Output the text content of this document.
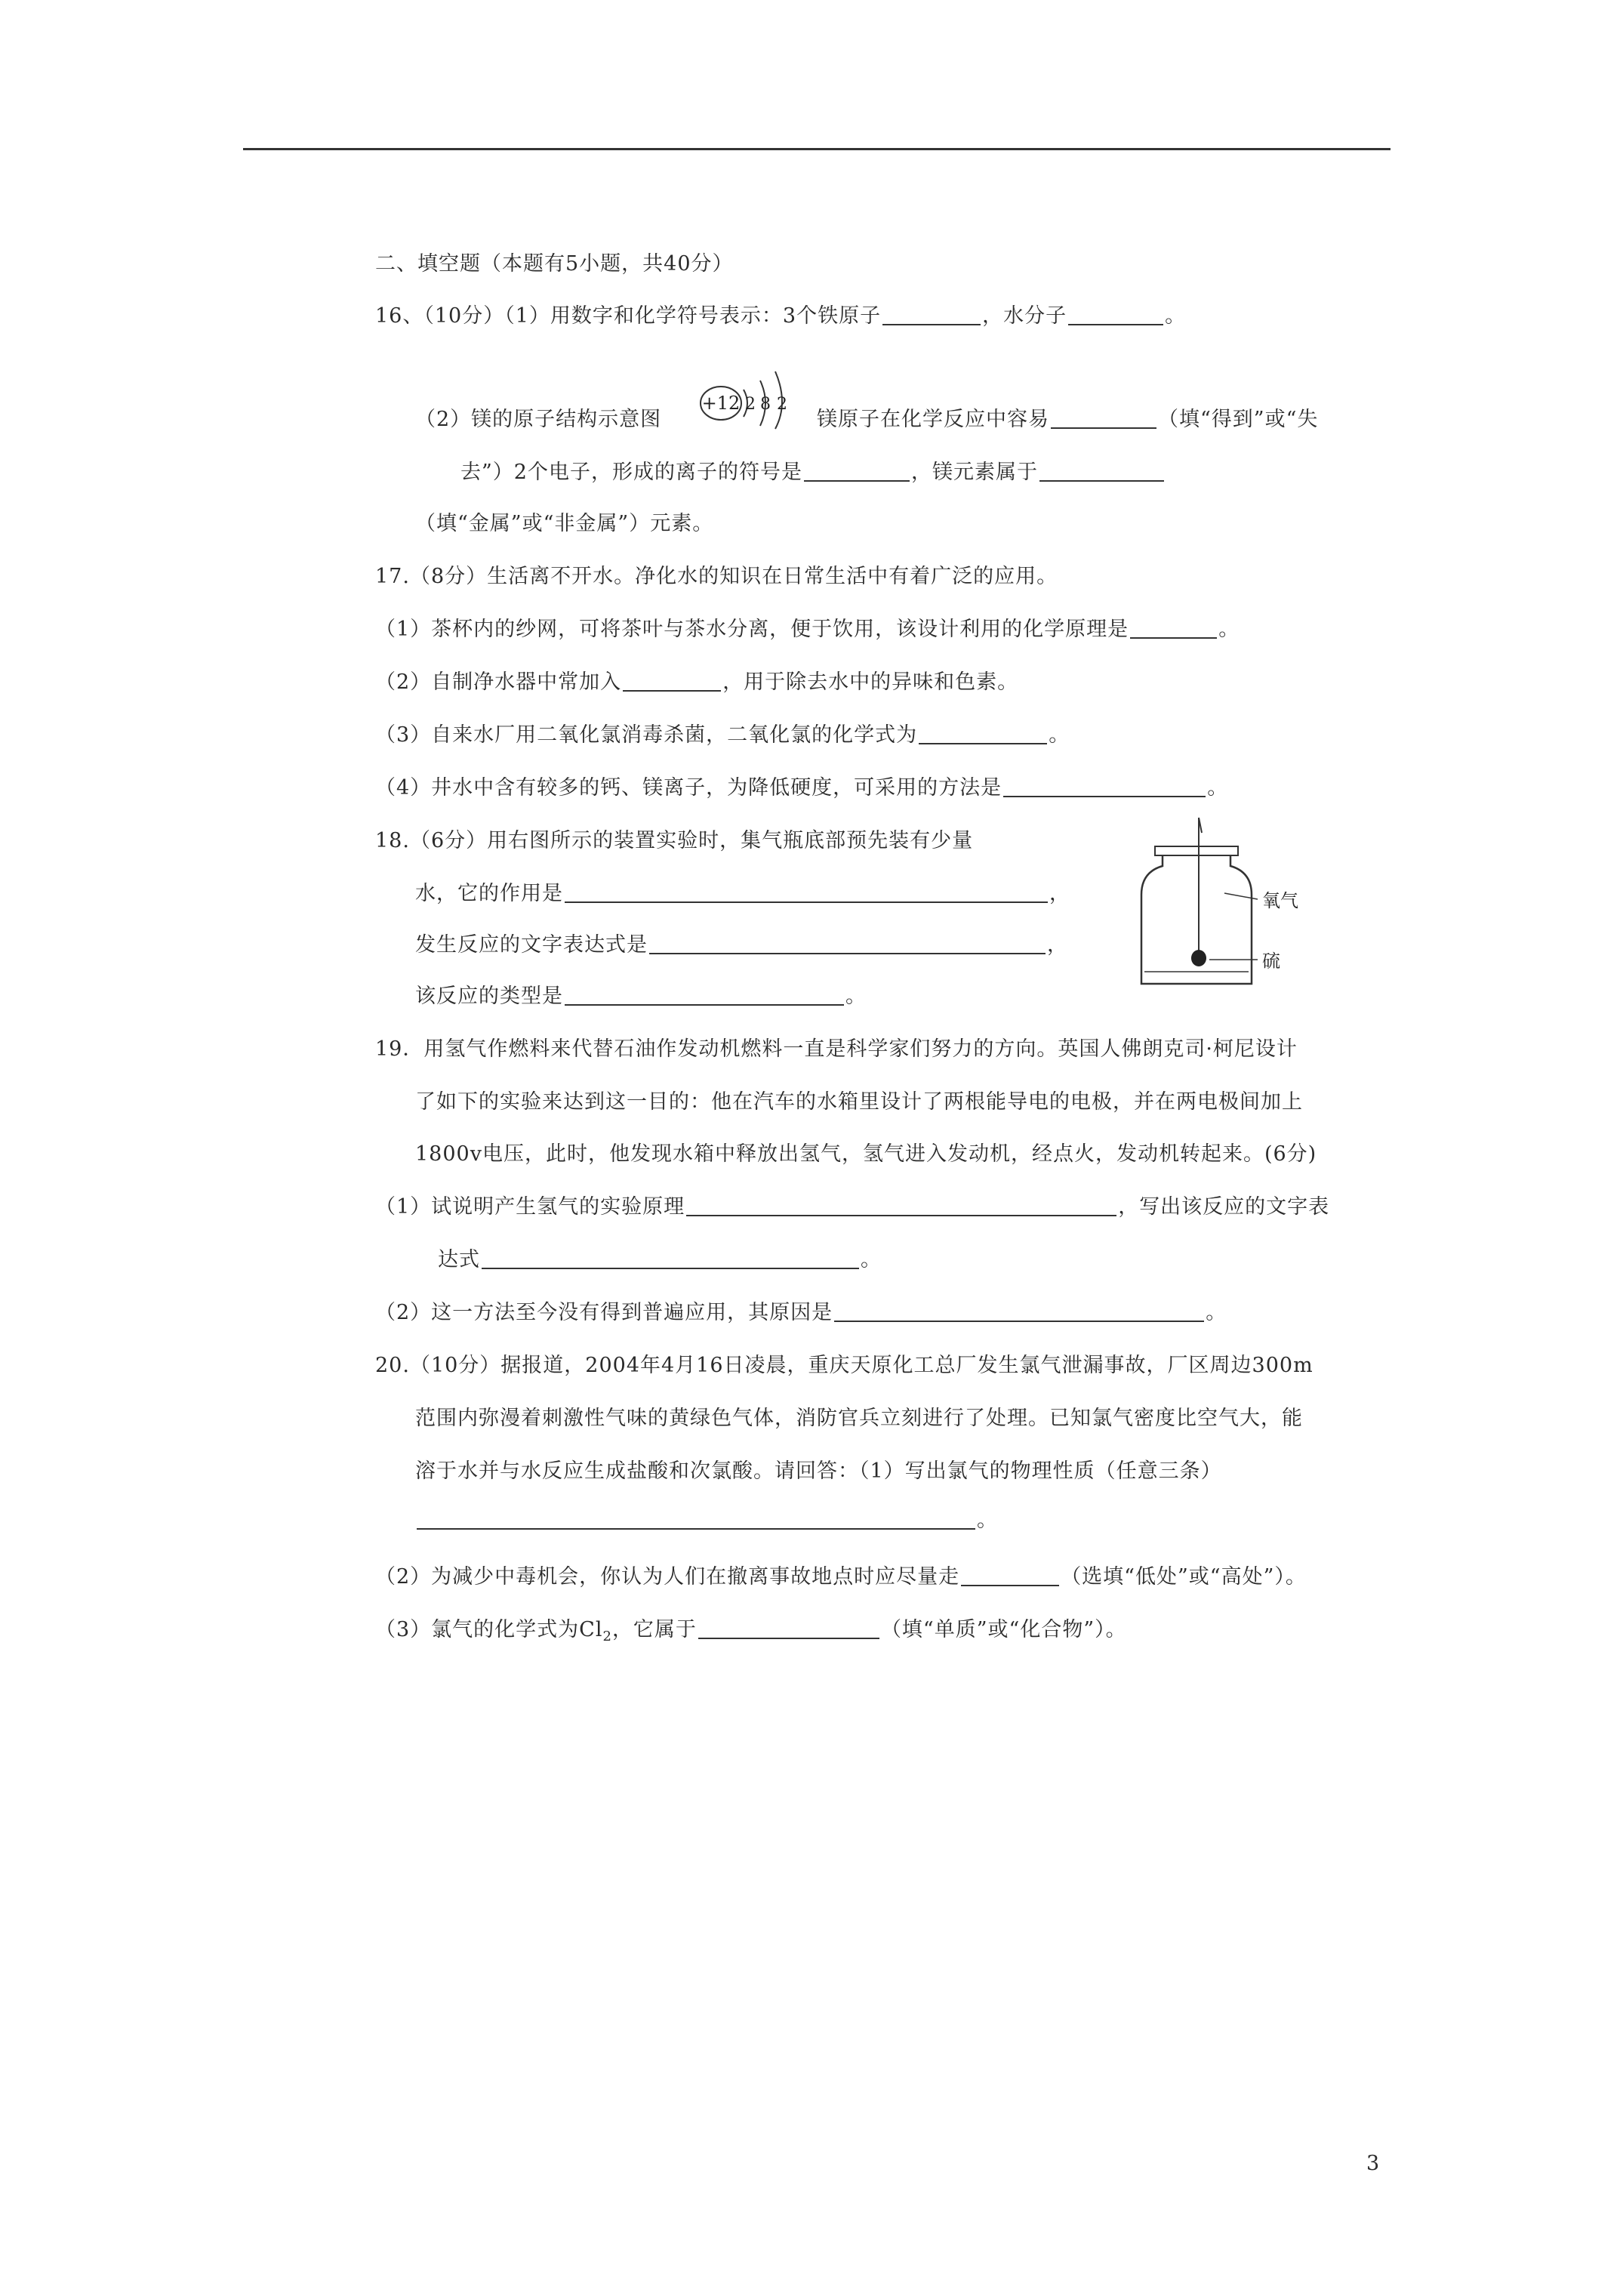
二、填空题（本题有5小题，共40分）
16、（10分）（1）用数字和化学符号表示：3个铁原子	，水分子	。
（2）镁的原子结构示意图
+12 2 8 2
镁原子在化学反应中容易	（填“得到”或“失
去”）2个电子，形成的离子的符号是	，镁元素属于
（填“金属”或“非金属”）元素。
17.（8分）生活离不开水。净化水的知识在日常生活中有着广泛的应用。
（1）茶杯内的纱网，可将茶叶与茶水分离，便于饮用，该设计利用的化学原理是	。
（2）自制净水器中常加入	，用于除去水中的异味和色素。
（3）自来水厂用二氧化氯消毒杀菌，二氧化氯的化学式为	。
（4）井水中含有较多的钙、镁离子，为降低硬度，可采用的方法是	。
18.（6分）用右图所示的装置实验时，集气瓶底部预先装有少量
水，它的作用是	，
发生反应的文字表达式是	，
该反应的类型是	。
氧气
硫
19．用氢气作燃料来代替石油作发动机燃料一直是科学家们努力的方向。英国人佛朗克司·柯尼设计
了如下的实验来达到这一目的：他在汽车的水箱里设计了两根能导电的电极，并在两电极间加上
1800v电压，此时，他发现水箱中释放出氢气，氢气进入发动机，经点火，发动机转起来。(6分)
（1）试说明产生氢气的实验原理	，写出该反应的文字表
达式	。
（2）这一方法至今没有得到普遍应用，其原因是	。
20.（10分）据报道，2004年4月16日凌晨，重庆天原化工总厂发生氯气泄漏事故，厂区周边300m
范围内弥漫着刺激性气味的黄绿色气体，消防官兵立刻进行了处理。已知氯气密度比空气大，能
溶于水并与水反应生成盐酸和次氯酸。请回答：（1）写出氯气的物理性质（任意三条）
。
（2）为减少中毒机会，你认为人们在撤离事故地点时应尽量走	（选填“低处”或“高处”）。
（3）氯气的化学式为$Cl_2$，它属于	（填“单质”或“化合物”）。
3
